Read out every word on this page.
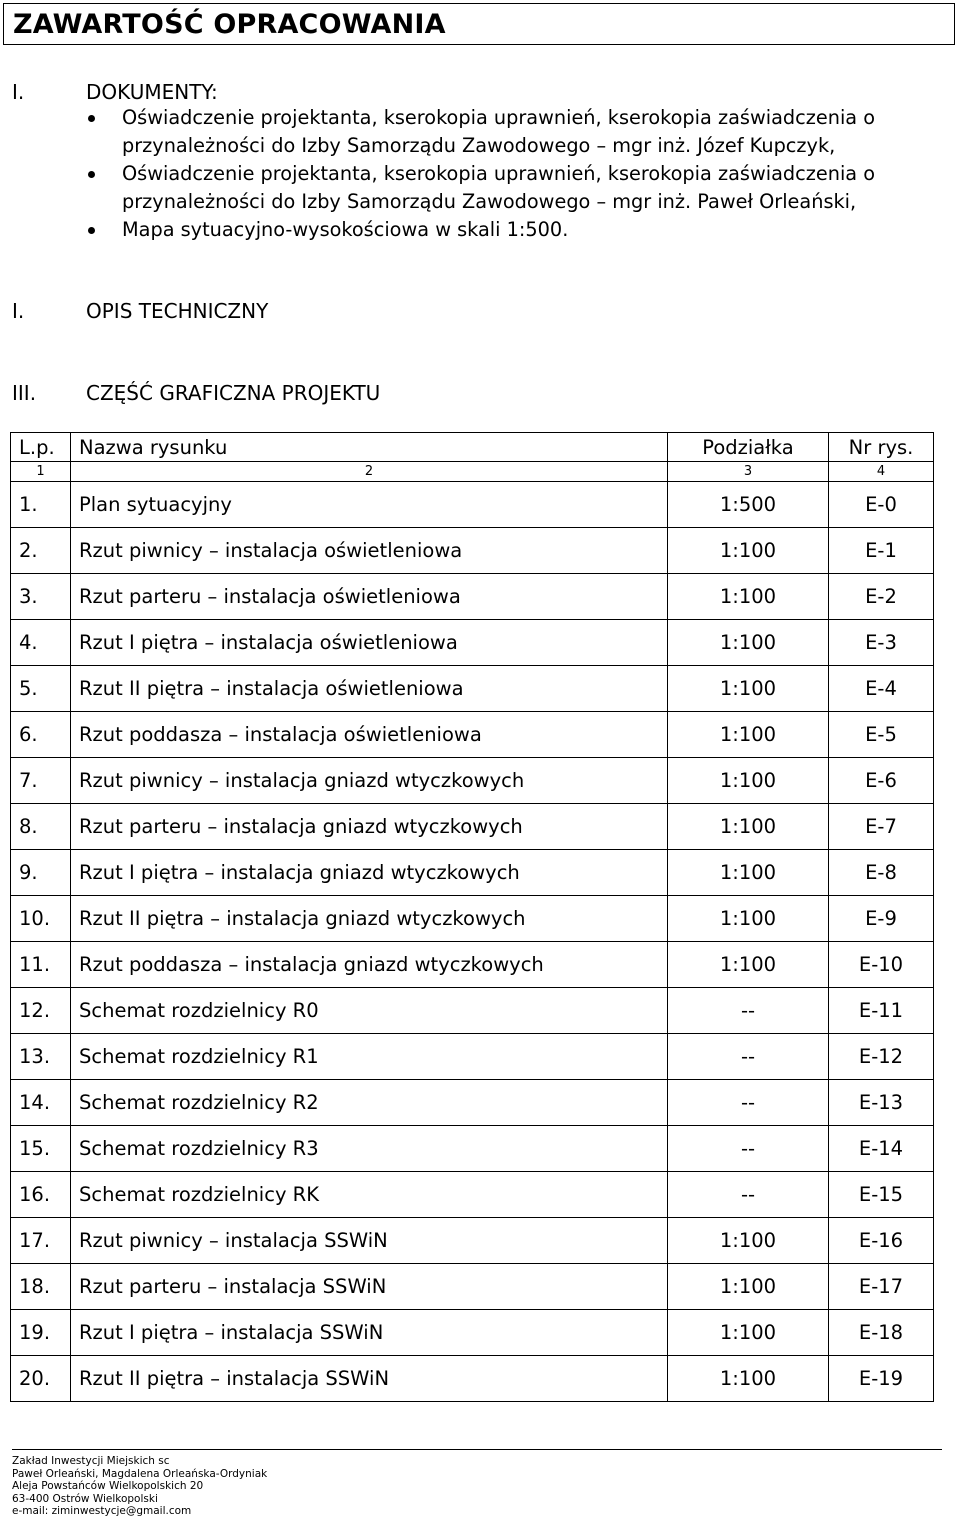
ZAWARTOŚĆ OPRACOWANIA
I.	DOKUMENTY:
Oświadczenie projektanta, kserokopia uprawnień, kserokopia zaświadczenia o przynależności do Izby Samorządu Zawodowego – mgr inż. Józef Kupczyk,
Oświadczenie projektanta, kserokopia uprawnień, kserokopia zaświadczenia o przynależności do Izby Samorządu Zawodowego – mgr inż. Paweł Orleański,
Mapa sytuacyjno-wysokościowa w skali 1:500.
I.	OPIS TECHNICZNY
III. CZĘŚĆ GRAFICZNA PROJEKTU
L.p.	Nazwa rysunku	Podziałka	Nr rys.
1	2	3	4
1.	Plan sytuacyjny	1:500	E-0
2.	Rzut piwnicy – instalacja oświetleniowa	1:100	E-1
3.	Rzut parteru – instalacja oświetleniowa	1:100	E-2
4.	Rzut I piętra – instalacja oświetleniowa	1:100	E-3
5.	Rzut II piętra – instalacja oświetleniowa	1:100	E-4
6.	Rzut poddasza – instalacja oświetleniowa	1:100	E-5
7.	Rzut piwnicy – instalacja gniazd wtyczkowych	1:100	E-6
8.	Rzut parteru – instalacja gniazd wtyczkowych	1:100	E-7
9.	Rzut I piętra – instalacja gniazd wtyczkowych	1:100	E-8
10.	Rzut II piętra – instalacja gniazd wtyczkowych	1:100	E-9
11.	Rzut poddasza – instalacja gniazd wtyczkowych	1:100	E-10
12.	Schemat rozdzielnicy R0	--	E-11
13.	Schemat rozdzielnicy R1	--	E-12
14.	Schemat rozdzielnicy R2	--	E-13
15.	Schemat rozdzielnicy R3	--	E-14
16.	Schemat rozdzielnicy RK	--	E-15
17.	Rzut piwnicy – instalacja SSWiN	1:100	E-16
18.	Rzut parteru – instalacja SSWiN	1:100	E-17
19.	Rzut I piętra – instalacja SSWiN	1:100	E-18
20.	Rzut II piętra – instalacja SSWiN	1:100	E-19
Zakład Inwestycji Miejskich sc
Paweł Orleański, Magdalena Orleańska-Ordyniak
Aleja Powstańców Wielkopolskich 20
63-400 Ostrów Wielkopolski
e-mail: ziminwestycje@gmail.com
